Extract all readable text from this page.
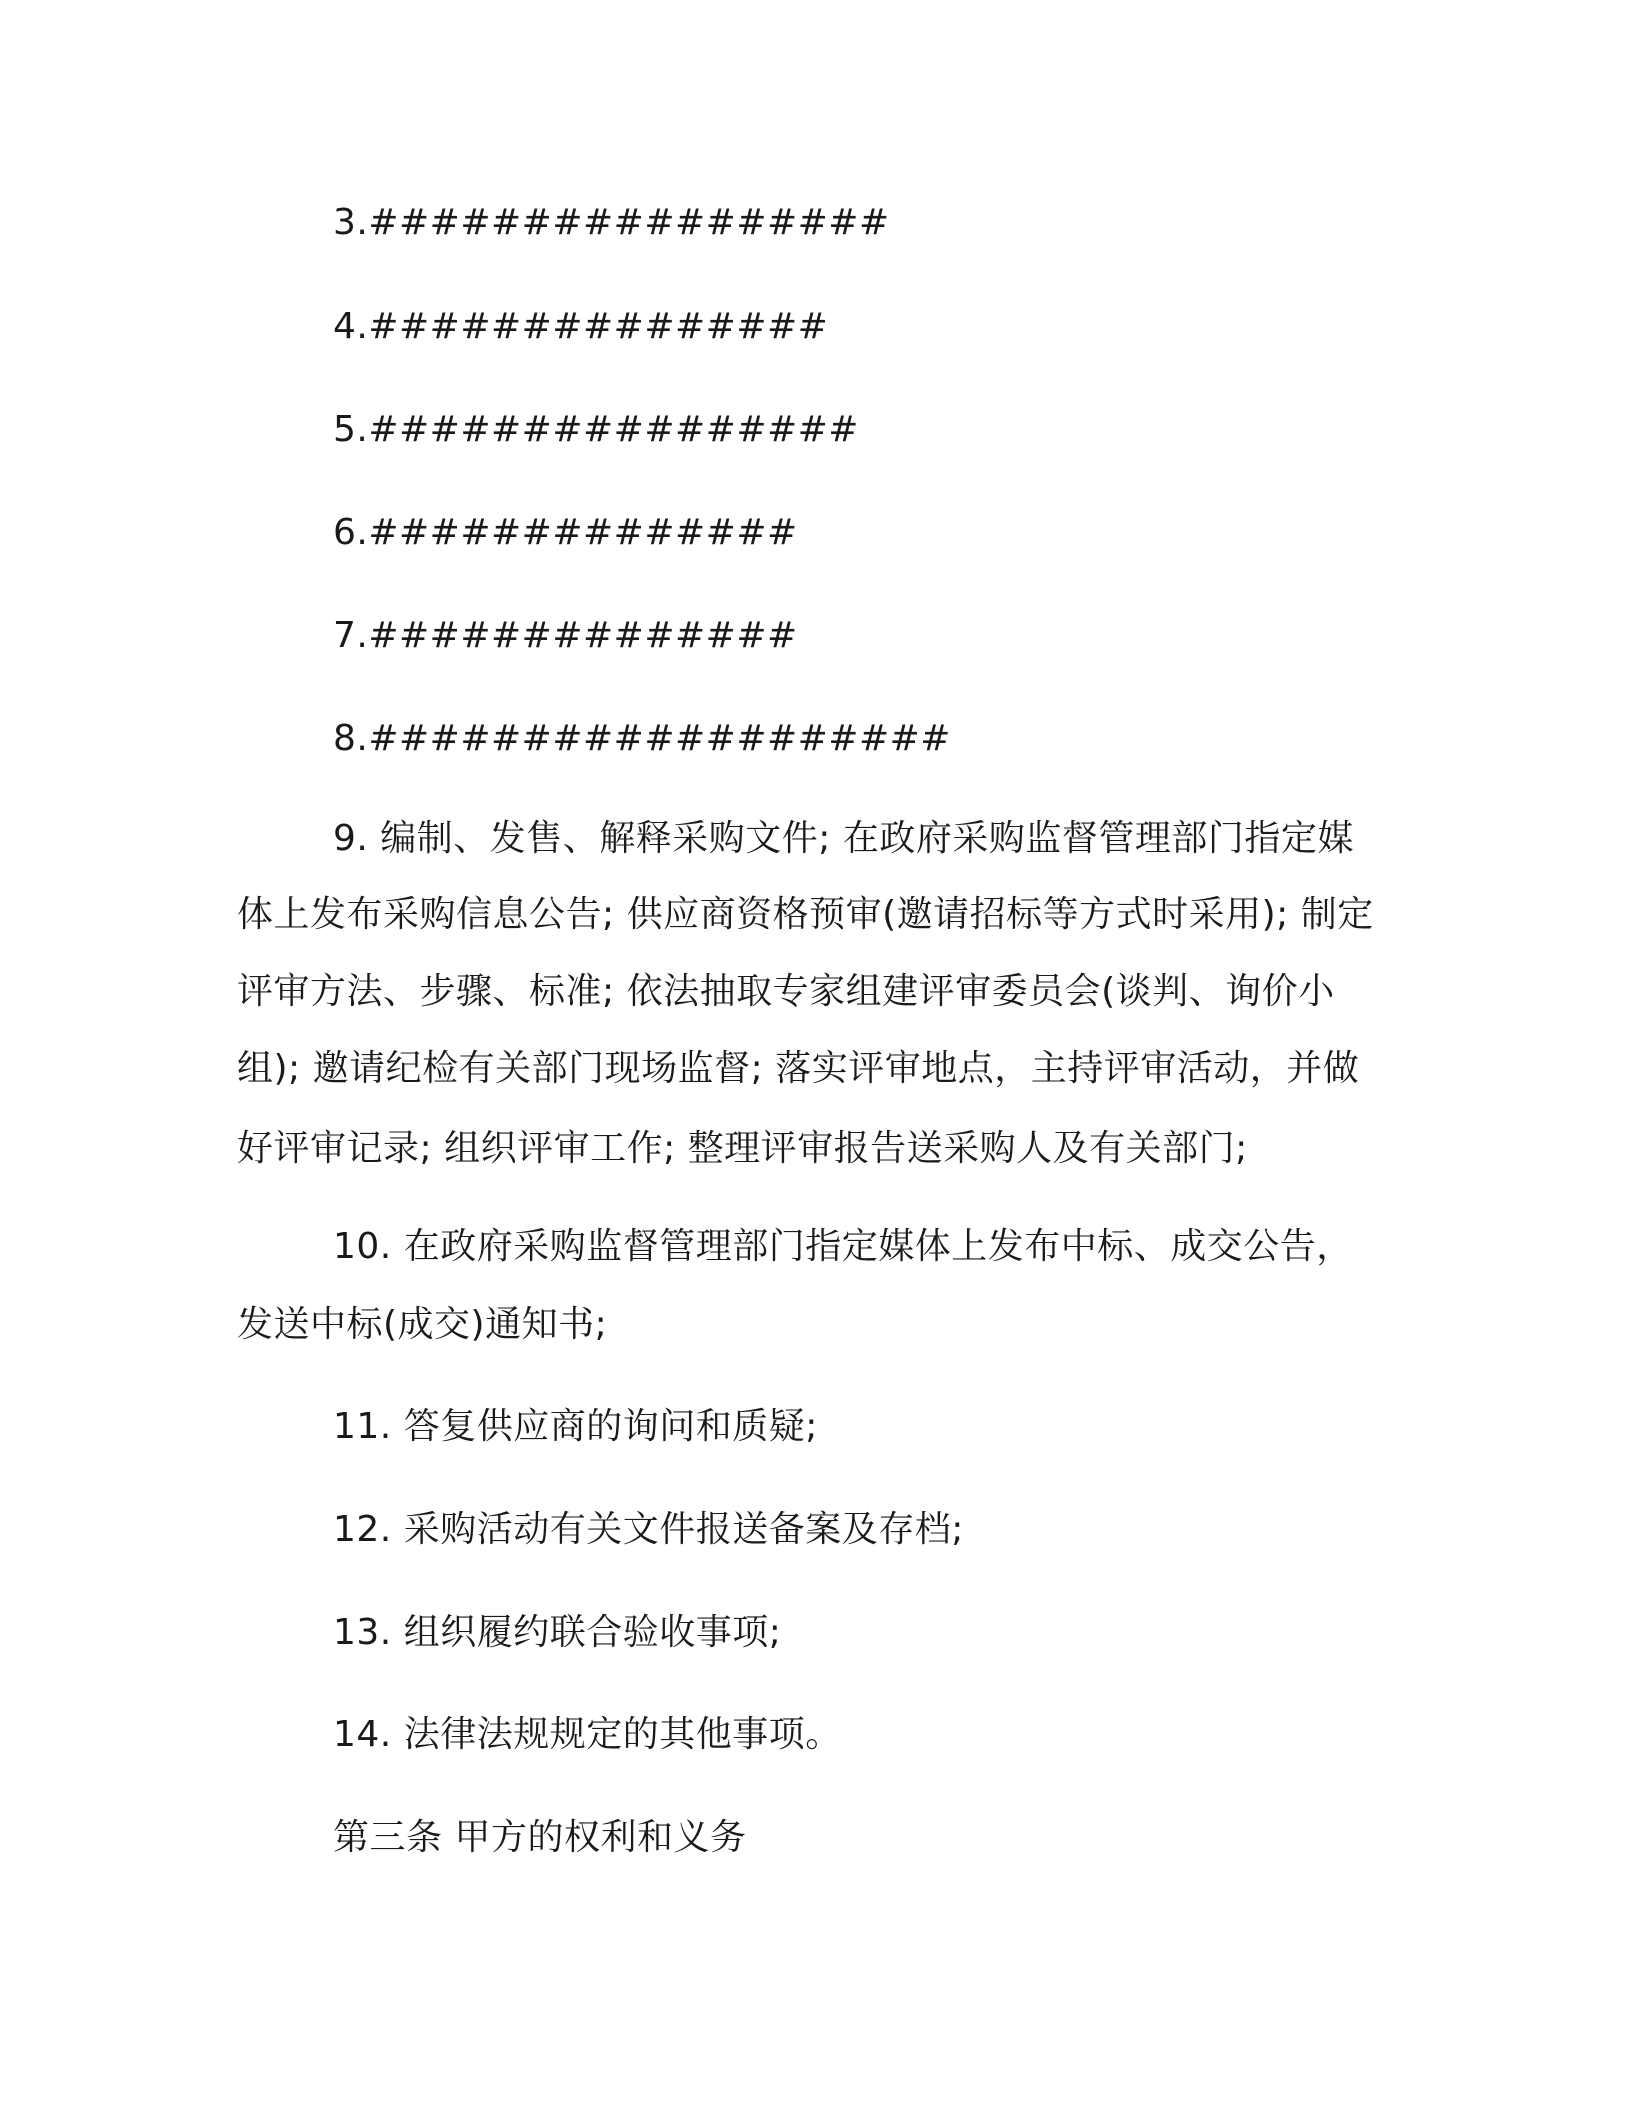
3.#################
4.###############
5.################
6.##############
7.##############
8.###################
9. 编制、发售、解释采购文件; 在政府采购监督管理部门指定媒
体上发布采购信息公告; 供应商资格预审(邀请招标等方式时采用); 制定
评审方法、步骤、标准; 依法抽取专家组建评审委员会(谈判、询价小
组); 邀请纪检有关部门现场监督; 落实评审地点，主持评审活动，并做
好评审记录; 组织评审工作; 整理评审报告送采购人及有关部门;
10. 在政府采购监督管理部门指定媒体上发布中标、成交公告，
发送中标(成交)通知书;
11. 答复供应商的询问和质疑;
12. 采购活动有关文件报送备案及存档;
13. 组织履约联合验收事项;
14. 法律法规规定的其他事项。
第三条 甲方的权利和义务
